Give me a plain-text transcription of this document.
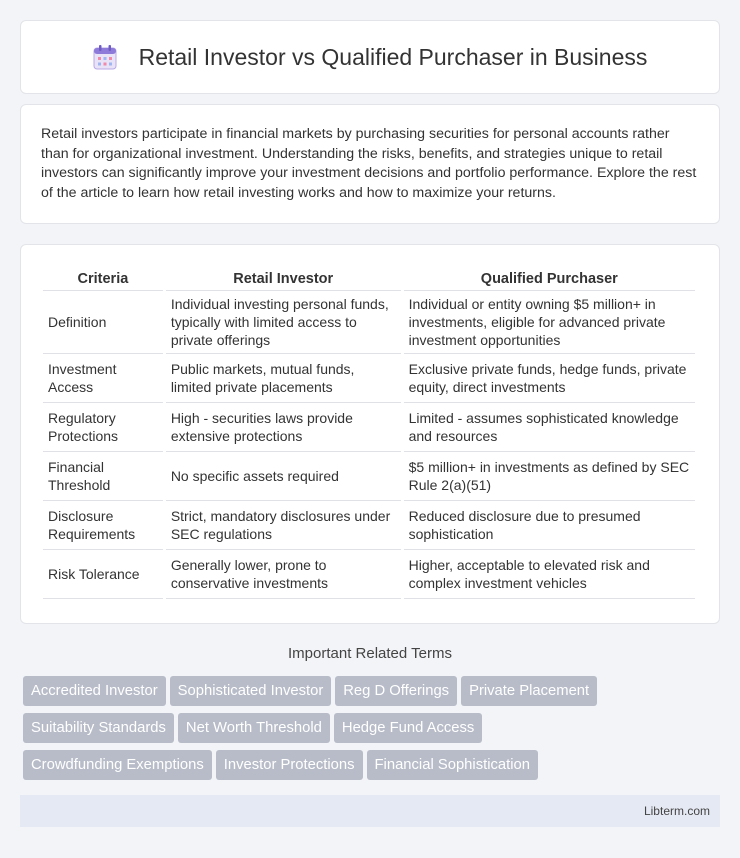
Retail Investor vs Qualified Purchaser in Business

Retail investors participate in financial markets by purchasing securities for personal accounts rather than for organizational investment. Understanding the risks, benefits, and strategies unique to retail investors can significantly improve your investment decisions and portfolio performance. Explore the rest of the article to learn how retail investing works and how to maximize your returns.

Criteria	Retail Investor	Qualified Purchaser
Definition	Individual investing personal funds, typically with limited access to private offerings	Individual or entity owning $5 million+ in investments, eligible for advanced private investment opportunities
Investment Access	Public markets, mutual funds, limited private placements	Exclusive private funds, hedge funds, private equity, direct investments
Regulatory Protections	High - securities laws provide extensive protections	Limited - assumes sophisticated knowledge and resources
Financial Threshold	No specific assets required	$5 million+ in investments as defined by SEC Rule 2(a)(51)
Disclosure Requirements	Strict, mandatory disclosures under SEC regulations	Reduced disclosure due to presumed sophistication
Risk Tolerance	Generally lower, prone to conservative investments	Higher, acceptable to elevated risk and complex investment vehicles
Important Related Terms
Accredited Investor Sophisticated Investor Reg D Offerings Private Placement
Suitability Standards Net Worth Threshold Hedge Fund Access
Crowdfunding Exemptions Investor Protections Financial Sophistication
Libterm.com
